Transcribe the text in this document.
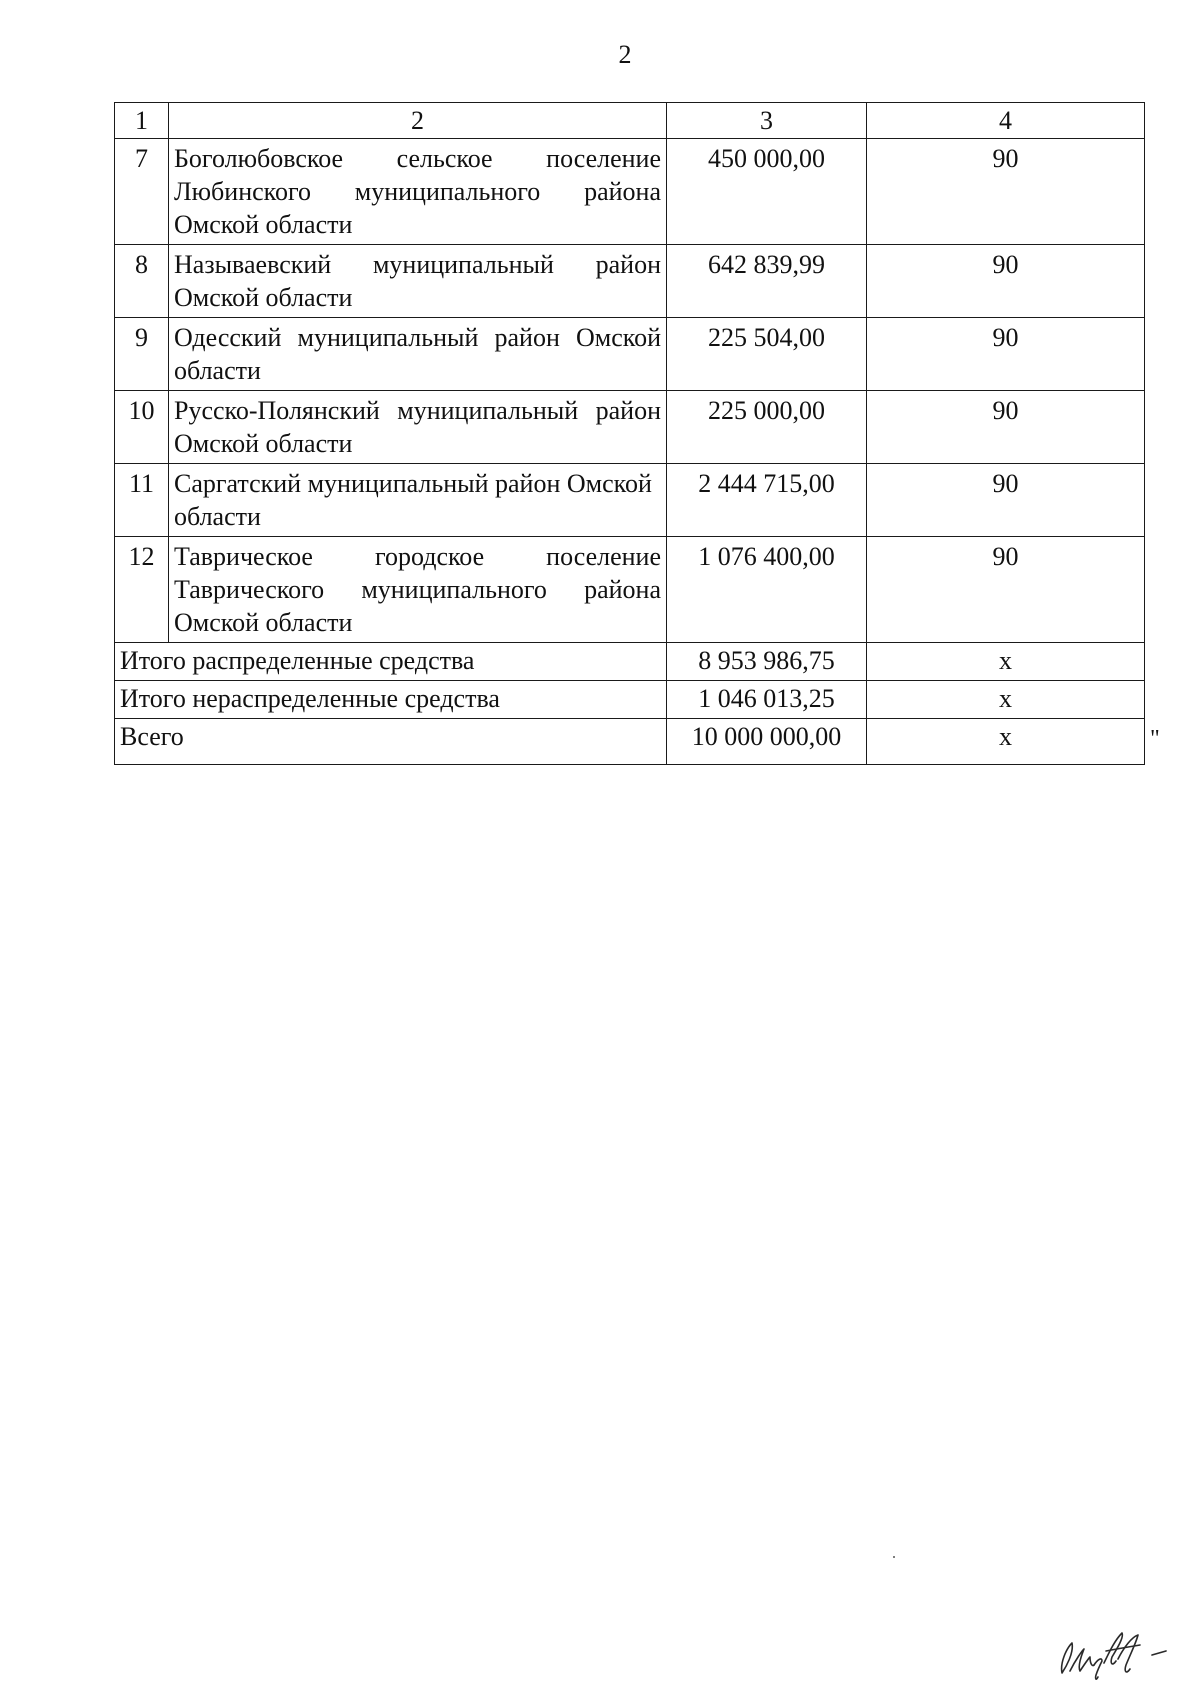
2
1	2	3	4
7	Боголюбовское сельское поселение Любинского муниципального района Омской области	450 000,00	90
8	Называевский муниципальный район Омской области	642 839,99	90
9	Одесский муниципальный район Омской области	225 504,00	90
10	Русско-Полянский муниципальный район Омской области	225 000,00	90
11	Саргатский муниципальный район Омской области	2 444 715,00	90
12	Таврическое городское поселение Таврического муниципального района Омской области	1 076 400,00	90
Итого распределенные средства		8 953 986,75	х
Итого нераспределенные средства		1 046 013,25	х
Всего		10 000 000,00	х	"
